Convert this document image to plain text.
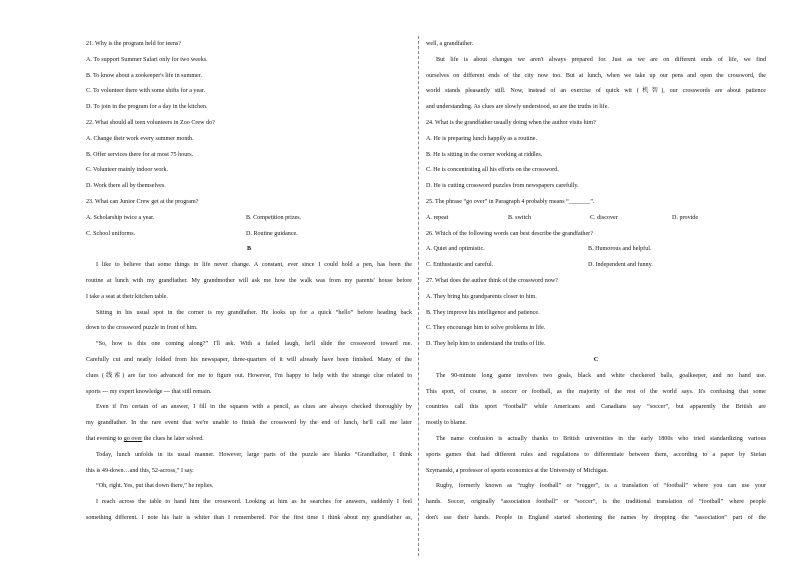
21. Why is the program held for teens?
A. To support Summer Safari only for two weeks.
B. To know about a zookeeper's life in summer.
C. To volunteer there with some shifts for a year.
D. To join in the program for a day in the kitchen.
22. What should all teen volunteers in Zoo Crew do?
A. Change their work every summer month.
B. Offer services there for at most 75 hours.
C. Volunteer mainly indoor work.
D. Work there all by themselves.
23. What can Junior Crew get at the program?
A. Scholarship twice a year.	B. Competition prizes.
C. School uniforms.	D. Routine guidance.
B
I like to believe that some things in life never change. A constant, ever since I could hold a pen, has been the
routine at lunch with my grandfather. My grandmother will ask me how the walk was from my parents' house before
I take a seat at their kitchen table.
Sitting in his usual spot in the corner is my grandfather. He looks up for a quick “hello” before heading back
down to the crossword puzzle in front of him.
“So, how is this one coming along?” I'll ask. With a failed laugh, he'll slide the crossword toward me.
Carefully cut and neatly folded from his newspaper, three-quarters of it will already have been finished. Many of the
clues (线索) are far too advanced for me to figure out. However, I'm happy to help with the strange clue related to
sports --- my expert knowledge --- that still remain.
Even if I'm certain of an answer, I fill in the squares with a pencil, as clues are always checked thoroughly by
my grandfather. In the rare event that we're unable to finish the crossword by the end of lunch, he'll call me later
that evening to go over the clues he later solved.
Today, lunch unfolds in its usual manner. However, large parts of the puzzle are blanks “Grandfather, I think
this is 49-down…and this, 52-across,” I say.
“Oh, right. Yes, put that down there,” he replies.
I reach across the table to hand him the crossword. Looking at him as he searches for answers, suddenly I feel
something different. I note his hair is whiter than I remembered. For the first time I think about my grandfather as,
well, a grandfather.
But life is about changes we aren't always prepared for. Just as we are on different ends of life, we find
ourselves on different ends of the city now too. But at lunch, when we take up our pens and open the crossword, the
world stands pleasantly still. Now, instead of an exercise of quick wit (机智), our crosswords are about patience
and understanding. As clues are slowly understood, so are the truths in life.
24. What is the grandfather usually doing when the author visits him?
A. He is preparing lunch happily as a routine.
B. He is sitting in the corner working at riddles.
C. He is concentrating all his efforts on the crossword.
D. He is cutting crossword puzzles from newspapers carefully.
25. The phrase “go over” in Paragraph 4 probably means “_______”.
A. repeat	B. switch	C. discover	D. provide
26. Which of the following words can best describe the grandfather?
A. Quiet and optimistic.	B. Humorous and helpful.
C. Enthusiastic and careful.	D. Independent and funny.
27. What does the author think of the crossword now?
A. They bring his grandparents closer to him.
B. They improve his intelligence and patience.
C. They encourage him to solve problems in life.
D. They help him to understand the truths of life.
C
The 90-minute long game involves two goals, black and white checkered balls, goalkeeper, and no hand use.
This sport, of course, is soccer or football, as the majority of the rest of the world says. It's confusing that some
countries call this sport “football” while Americans and Canadians say “soccer”, but apparently the British are
mostly to blame.
The name confusion is actually thanks to British universities in the early 1800s who tried standardizing various
sports games that had different rules and regulations to differentiate between them, according to a paper by Stefan
Szymanski, a professor of sports economics at the University of Michigan.
Rugby, formerly known as “rugby football” or “rugger”, is a translation of “football” where you can use your
hands. Soccer, originally “association football” or “soccer”, is the traditional translation of “football” where people
don't use their hands. People in England started shortening the names by dropping the “association” part of the
